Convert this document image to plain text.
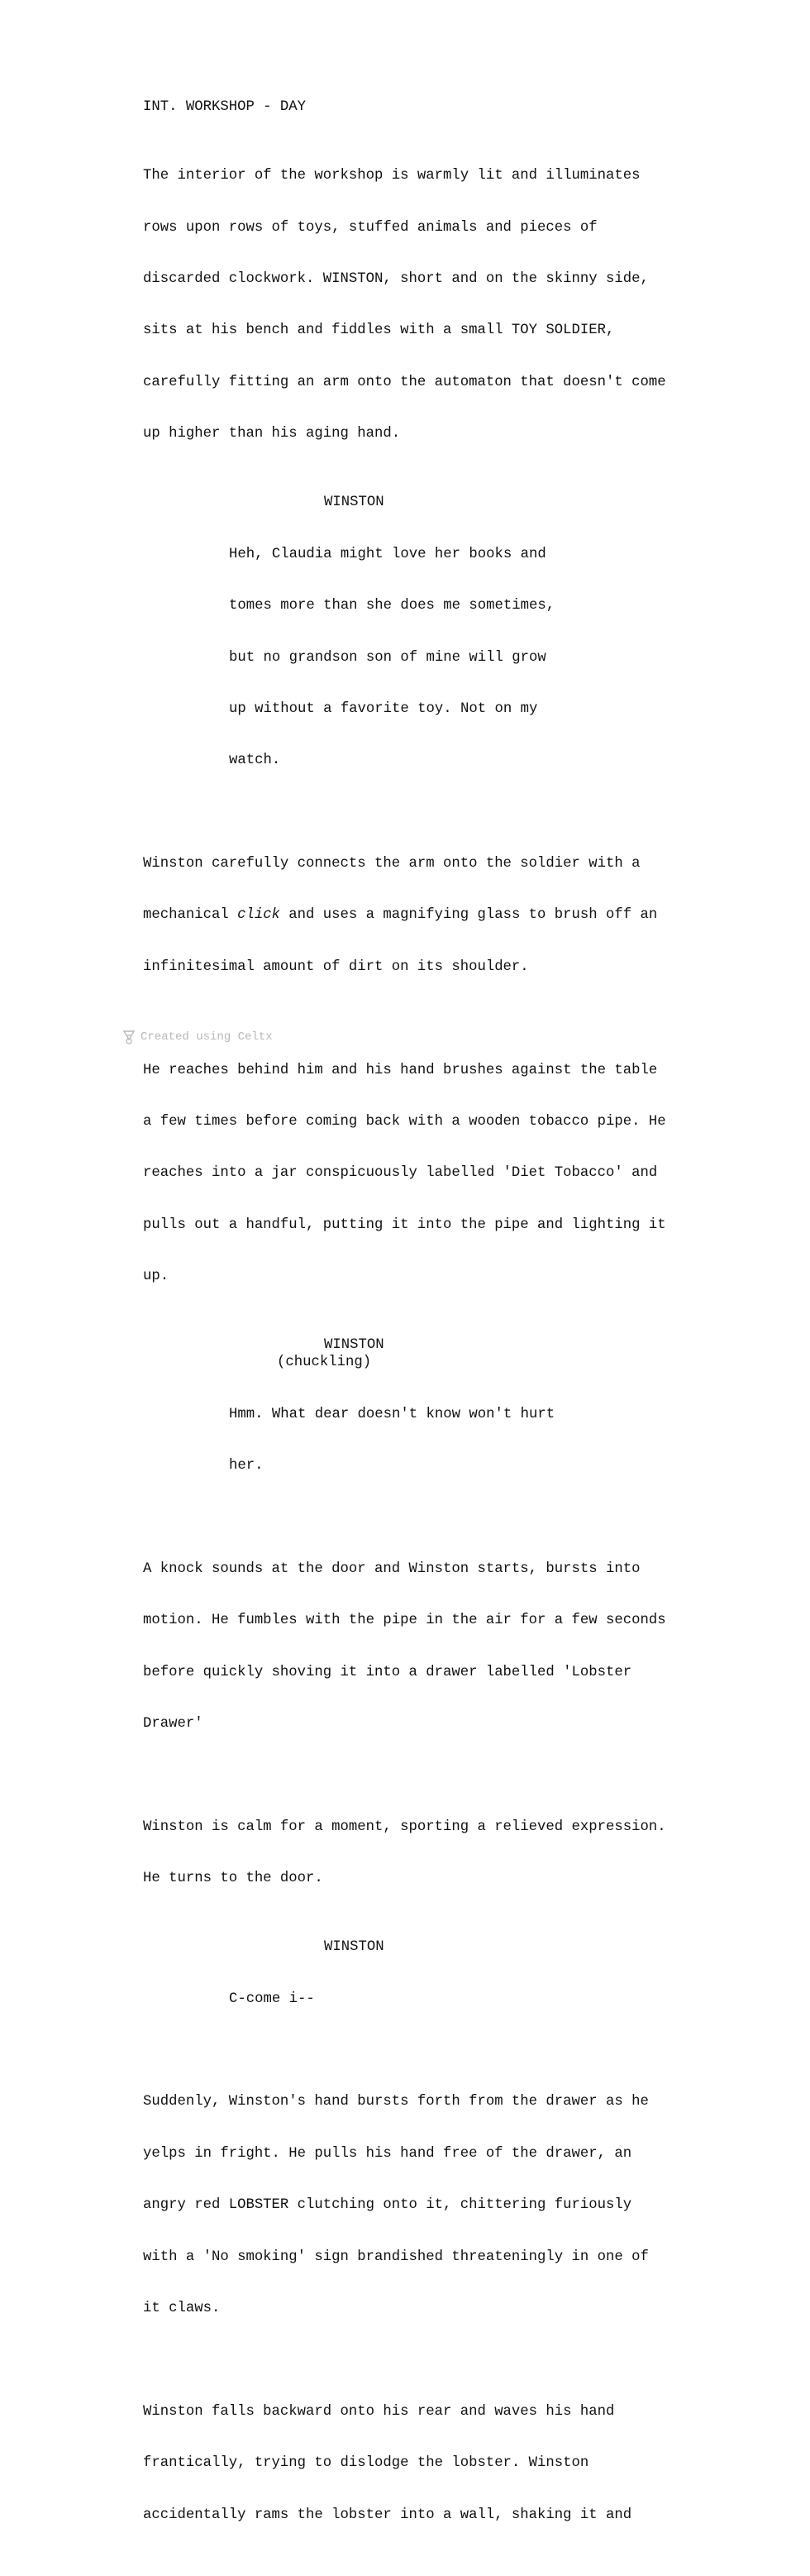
INT. WORKSHOP - DAY

The interior of the workshop is warmly lit and illuminates

rows upon rows of toys, stuffed animals and pieces of

discarded clockwork. WINSTON, short and on the skinny side,

sits at his bench and fiddles with a small TOY SOLDIER,

carefully fitting an arm onto the automaton that doesn't come

up higher than his aging hand.

WINSTON

Heh, Claudia might love her books and

tomes more than she does me sometimes,

but no grandson son of mine will grow

up without a favorite toy. Not on my

watch.

Winston carefully connects the arm onto the soldier with a

mechanical click and uses a magnifying glass to brush off an

infinitesimal amount of dirt on its shoulder.

He reaches behind him and his hand brushes against the table

a few times before coming back with a wooden tobacco pipe. He

reaches into a jar conspicuously labelled 'Diet Tobacco' and

pulls out a handful, putting it into the pipe and lighting it

up.

WINSTON
(chuckling)

Hmm. What dear doesn't know won't hurt

her.

A knock sounds at the door and Winston starts, bursts into

motion. He fumbles with the pipe in the air for a few seconds

before quickly shoving it into a drawer labelled 'Lobster

Drawer'

Winston is calm for a moment, sporting a relieved expression.

He turns to the door.

WINSTON

C-come i--

Suddenly, Winston's hand bursts forth from the drawer as he

yelps in fright. He pulls his hand free of the drawer, an

angry red LOBSTER clutching onto it, chittering furiously

with a 'No smoking' sign brandished threateningly in one of

it claws.

Winston falls backward onto his rear and waves his hand

frantically, trying to dislodge the lobster. Winston

accidentally rams the lobster into a wall, shaking it and

Created using Celtx
